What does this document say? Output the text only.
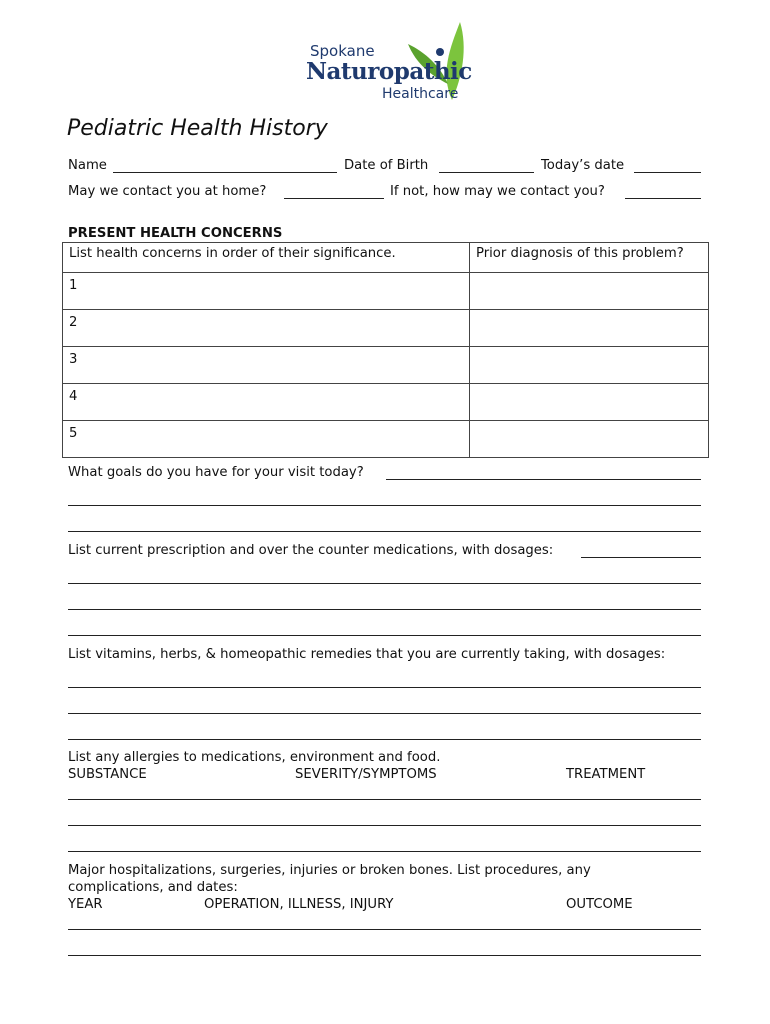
Spokane
Naturopathic
Healthcare
Pediatric Health History
Name	Date of Birth	Today’s date
May we contact you at home?	If not, how may we contact you?
PRESENT HEALTH CONCERNS
List health concerns in order of their significance.	Prior diagnosis of this problem?
1	
2	
3	
4	
5	
What goals do you have for your visit today?
List current prescription and over the counter medications, with dosages:
List vitamins, herbs, & homeopathic remedies that you are currently taking, with dosages:
List any allergies to medications, environment and food.
SUBSTANCE	SEVERITY/SYMPTOMS	TREATMENT
Major hospitalizations, surgeries, injuries or broken bones. List procedures, any
complications, and dates:
YEAR	OPERATION, ILLNESS, INJURY	OUTCOME
